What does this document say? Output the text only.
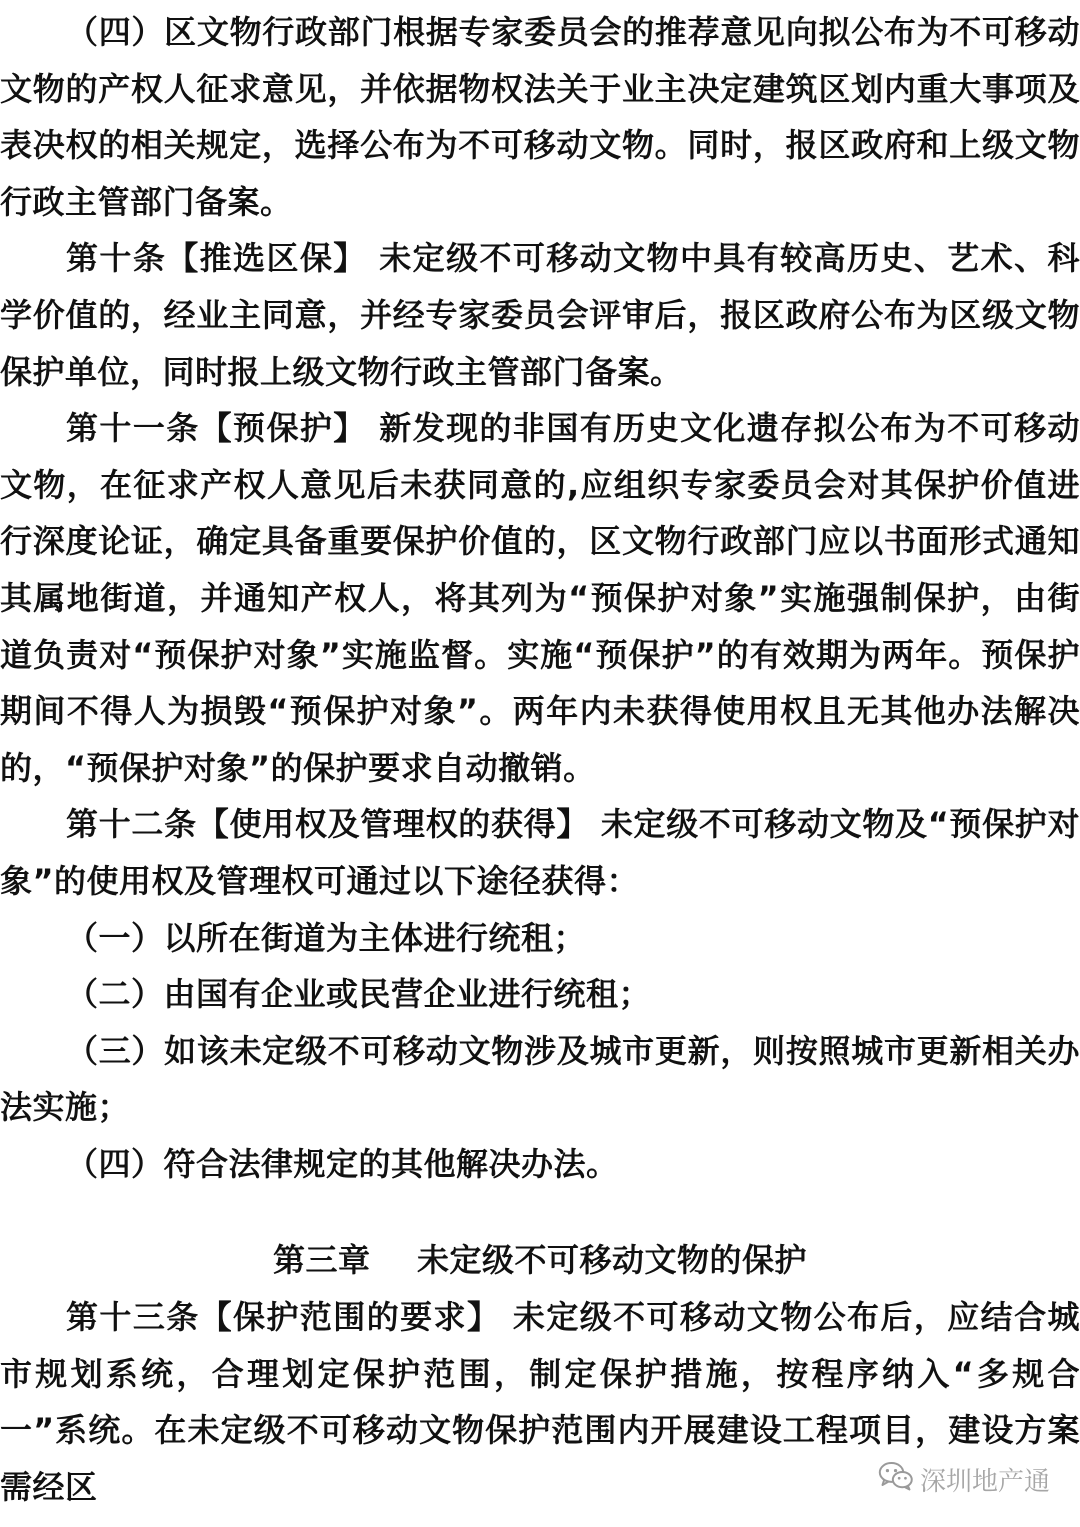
（四）区文物行政部门根据专家委员会的推荐意见向拟公布为不可移动文物的产权人征求意见，并依据物权法关于业主决定建筑区划内重大事项及表决权的相关规定，选择公布为不可移动文物。同时，报区政府和上级文物行政主管部门备案。

第十条【推选区保】 未定级不可移动文物中具有较高历史、艺术、科学价值的，经业主同意，并经专家委员会评审后，报区政府公布为区级文物保护单位，同时报上级文物行政主管部门备案。

第十一条【预保护】 新发现的非国有历史文化遗存拟公布为不可移动文物，在征求产权人意见后未获同意的,应组织专家委员会对其保护价值进行深度论证，确定具备重要保护价值的，区文物行政部门应以书面形式通知其属地街道，并通知产权人，将其列为“预保护对象”实施强制保护，由街道负责对“预保护对象”实施监督。实施“预保护”的有效期为两年。预保护期间不得人为损毁“预保护对象”。两年内未获得使用权且无其他办法解决的，“预保护对象”的保护要求自动撤销。

第十二条【使用权及管理权的获得】 未定级不可移动文物及“预保护对象”的使用权及管理权可通过以下途径获得：

（一）以所在街道为主体进行统租；

（二）由国有企业或民营企业进行统租；

（三）如该未定级不可移动文物涉及城市更新，则按照城市更新相关办法实施；

（四）符合法律规定的其他解决办法。

第三章    未定级不可移动文物的保护

第十三条【保护范围的要求】 未定级不可移动文物公布后，应结合城市规划系统，合理划定保护范围，制定保护措施，按程序纳入“多规合一”系统。在未定级不可移动文物保护范围内开展建设工程项目，建设方案需经区	深圳地产通
